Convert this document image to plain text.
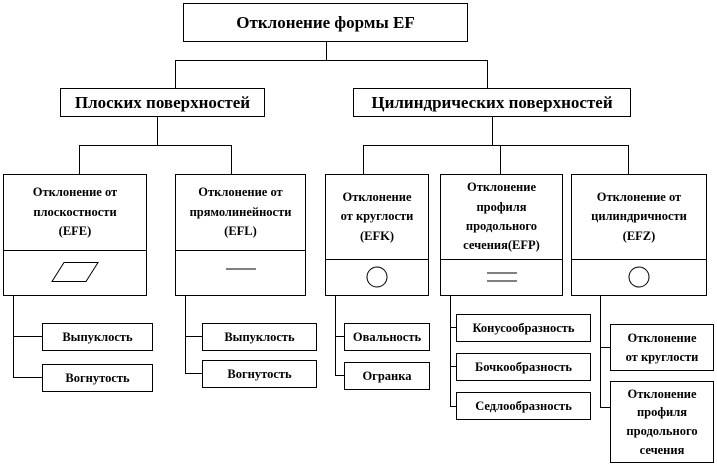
Отклонение формы EF
Плоских поверхностей	Цилиндрических поверхностей
Отклонение от
плоскостности
(EFE)
Отклонение от
прямолинейности
(EFL)
Отклонение
от круглости
(EFK)
Отклонение
профиля
продольного
сечения(EFP)
Отклонение от
цилиндричности
(EFZ)
Выпуклость
Вогнутость
Выпуклость
Вогнутость
Овальность
Огранка
Конусообразность
Бочкообразность
Седлообразность
Отклонение
от круглости
Отклонение
профиля
продольного
сечения
